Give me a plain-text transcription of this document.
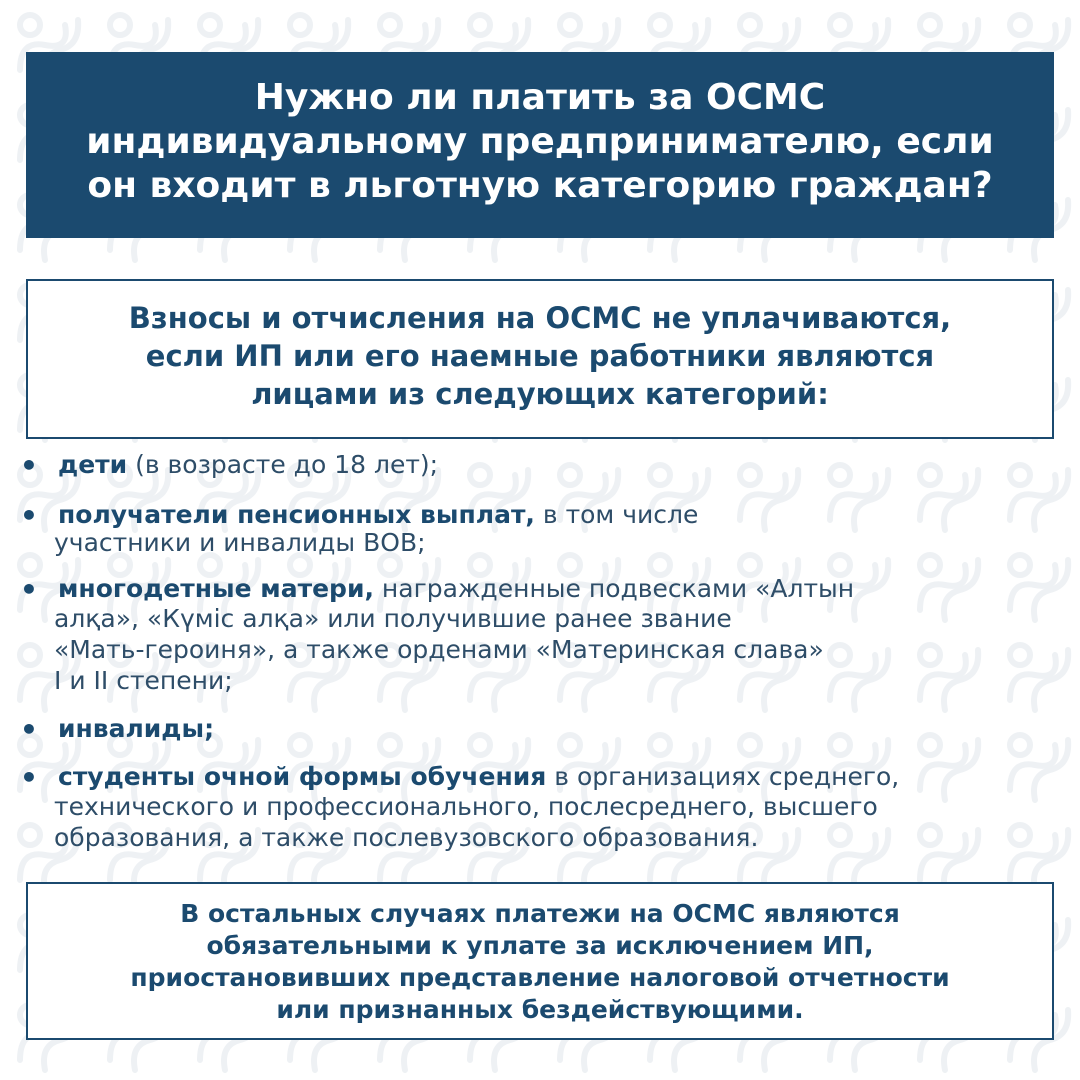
Нужно ли платить за ОСМС
индивидуальному предпринимателю, если
он входит в льготную категорию граждан?
Взносы и отчисления на ОСМС не уплачиваются,
если ИП или его наемные работники являются
лицами из следующих категорий:
• дети (в возрасте до 18 лет);
• получатели пенсионных выплат, в том числе
участники и инвалиды ВОВ;
• многодетные матери, награжденные подвесками «Алтын
алқа», «Күміс алқа» или получившие ранее звание
«Мать-героиня», а также орденами «Материнская слава»
I и II степени;
• инвалиды;
• студенты очной формы обучения в организациях среднего,
технического и профессионального, послесреднего, высшего
образования, а также послевузовского образования.
В остальных случаях платежи на ОСМС являются
обязательными к уплате за исключением ИП,
приостановивших представление налоговой отчетности
или признанных бездействующими.
